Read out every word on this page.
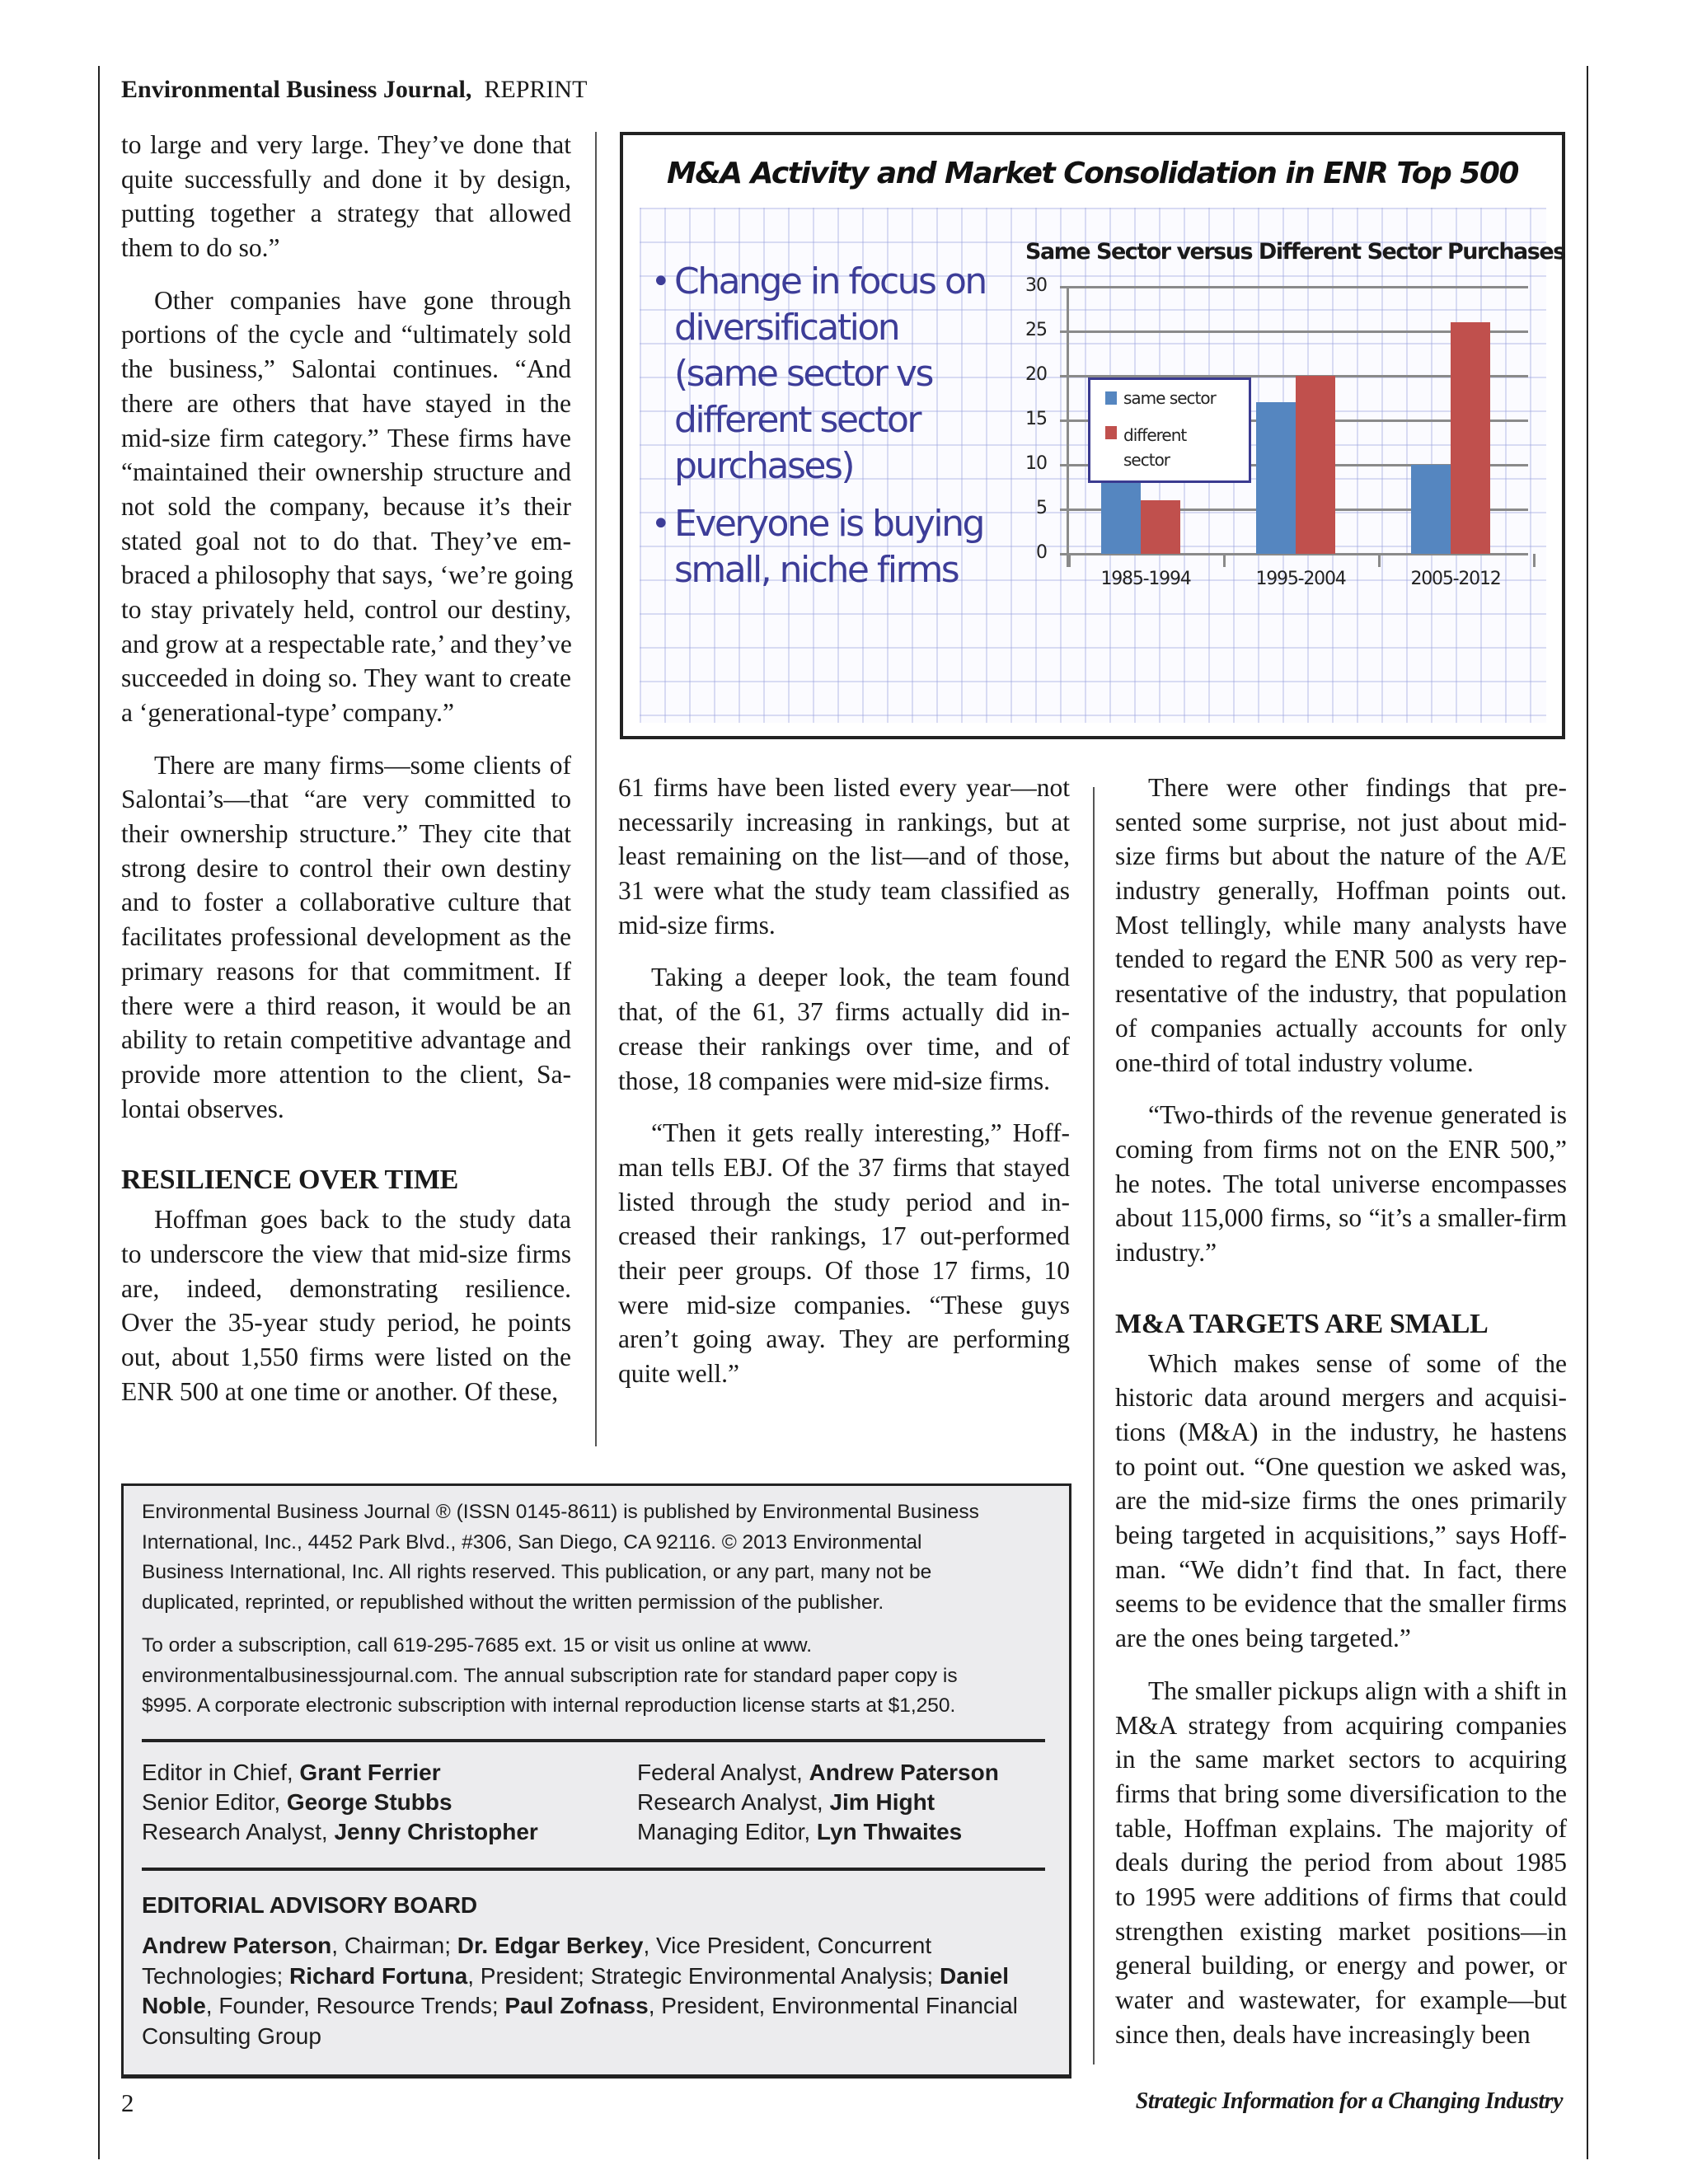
Environmental Business Journal, REPRINT
to large and very large. They’ve done that
quite successfully and done it by design,
putting together a strategy that allowed
them to do so.”
Other companies have gone through
portions of the cycle and “ultimately sold
the business,” Salontai continues. “And
there are others that have stayed in the
mid-size firm category.” These firms have
“maintained their ownership structure and
not sold the company, because it’s their
stated goal not to do that. They’ve em-
braced a philosophy that says, ‘we’re going
to stay privately held, control our destiny,
and grow at a respectable rate,’ and they’ve
succeeded in doing so. They want to create
a ‘generational-type’ company.”
There are many firms—some clients of
Salontai’s—that “are very committed to
their ownership structure.” They cite that
strong desire to control their own destiny
and to foster a collaborative culture that
facilitates professional development as the
primary reasons for that commitment. If
there were a third reason, it would be an
ability to retain competitive advantage and
provide more attention to the client, Sa-
lontai observes.
RESILIENCE OVER TIME
Hoffman goes back to the study data
to underscore the view that mid-size firms
are, indeed, demonstrating resilience.
Over the 35-year study period, he points
out, about 1,550 firms were listed on the
ENR 500 at one time or another. Of these,
M&A Activity and Market Consolidation in ENR Top 500
• Change in focus on diversification (same sector vs different sector purchases)
• Everyone is buying small, niche firms
Same Sector versus Different Sector Purchases
0
5
10
15
20
25
30
1985-1994	1995-2004	2005-2012
same sector
different sector
61 firms have been listed every year—not
necessarily increasing in rankings, but at
least remaining on the list—and of those,
31 were what the study team classified as
mid-size firms.
Taking a deeper look, the team found
that, of the 61, 37 firms actually did in-
crease their rankings over time, and of
those, 18 companies were mid-size firms.
“Then it gets really interesting,” Hoff-
man tells EBJ. Of the 37 firms that stayed
listed through the study period and in-
creased their rankings, 17 out-performed
their peer groups. Of those 17 firms, 10
were mid-size companies. “These guys
aren’t going away. They are performing
quite well.”
There were other findings that pre-
sented some surprise, not just about mid-
size firms but about the nature of the A/E
industry generally, Hoffman points out.
Most tellingly, while many analysts have
tended to regard the ENR 500 as very rep-
resentative of the industry, that population
of companies actually accounts for only
one-third of total industry volume.
“Two-thirds of the revenue generated is
coming from firms not on the ENR 500,”
he notes. The total universe encompasses
about 115,000 firms, so “it’s a smaller-firm
industry.”
M&A TARGETS ARE SMALL
Which makes sense of some of the
historic data around mergers and acquisi-
tions (M&A) in the industry, he hastens
to point out. “One question we asked was,
are the mid-size firms the ones primarily
being targeted in acquisitions,” says Hoff-
man. “We didn’t find that. In fact, there
seems to be evidence that the smaller firms
are the ones being targeted.”
The smaller pickups align with a shift in
M&A strategy from acquiring companies
in the same market sectors to acquiring
firms that bring some diversification to the
table, Hoffman explains. The majority of
deals during the period from about 1985
to 1995 were additions of firms that could
strengthen existing market positions—in
general building, or energy and power, or
water and wastewater, for example—but
since then, deals have increasingly been
Environmental Business Journal ® (ISSN 0145-8611) is published by Environmental Business
International, Inc., 4452 Park Blvd., #306, San Diego, CA 92116. © 2013 Environmental
Business International, Inc. All rights reserved. This publication, or any part, many not be
duplicated, reprinted, or republished without the written permission of the publisher.
To order a subscription, call 619-295-7685 ext. 15 or visit us online at www.
environmentalbusinessjournal.com. The annual subscription rate for standard paper copy is
$995. A corporate electronic subscription with internal reproduction license starts at $1,250.
Editor in Chief, Grant Ferrier
Senior Editor, George Stubbs
Research Analyst, Jenny Christopher
Federal Analyst, Andrew Paterson
Research Analyst, Jim Hight
Managing Editor, Lyn Thwaites
EDITORIAL ADVISORY BOARD
Andrew Paterson, Chairman; Dr. Edgar Berkey, Vice President, Concurrent Technologies; Richard Fortuna, President; Strategic Environmental Analysis; Daniel Noble, Founder, Resource Trends; Paul Zofnass, President, Environmental Financial Consulting Group
2	Strategic Information for a Changing Industry
